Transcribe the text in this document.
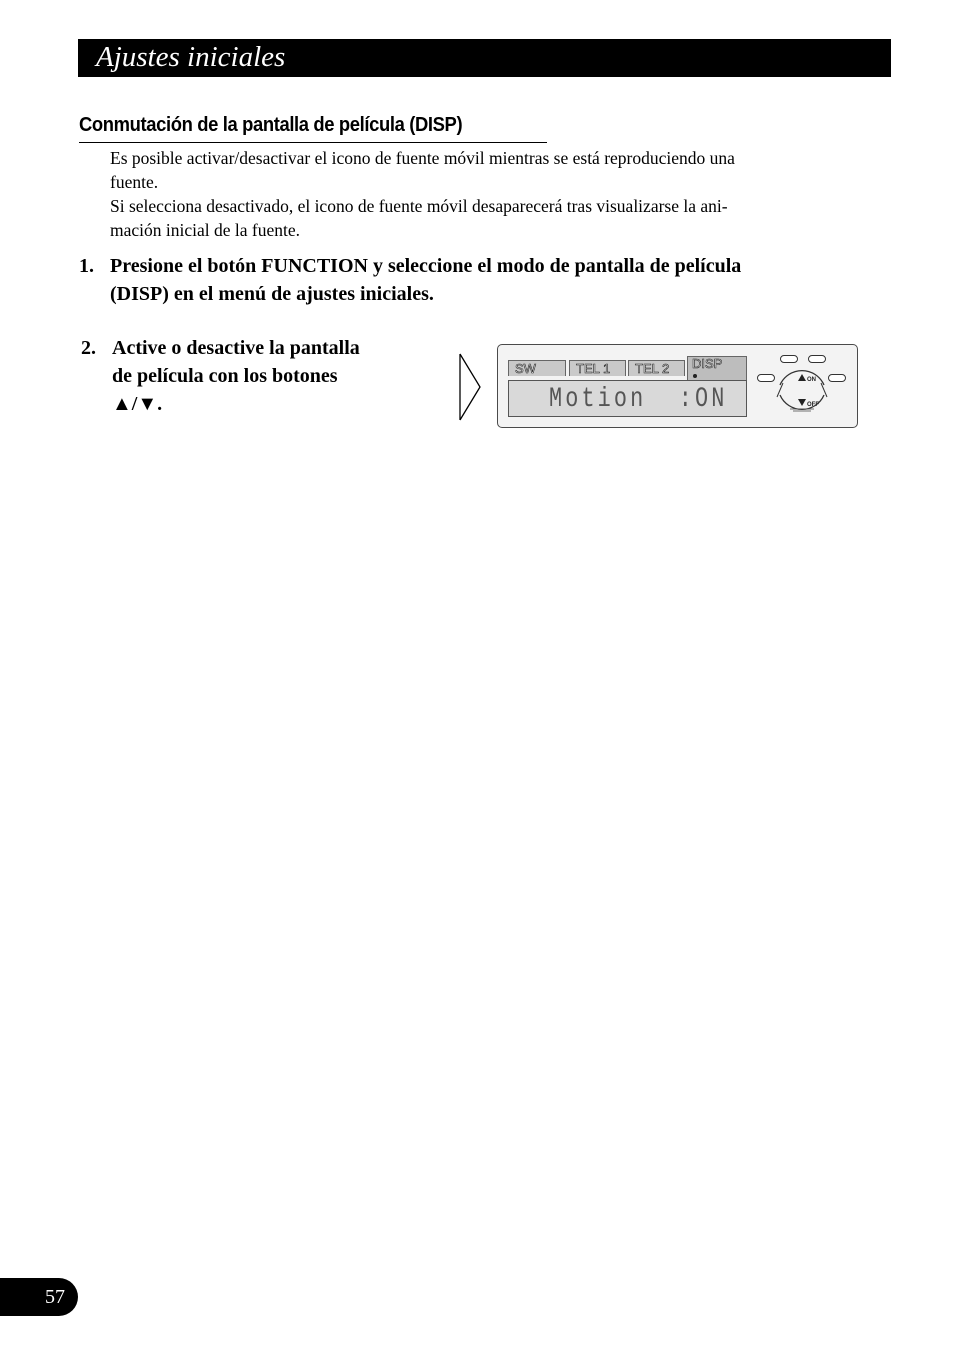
Ajustes iniciales
Conmutación de la pantalla de película (DISP)
Es posible activar/desactivar el icono de fuente móvil mientras se está reproduciendo una
fuente.
Si selecciona desactivado, el icono de fuente móvil desaparecerá tras visualizarse la ani-
mación inicial de la fuente.
1. Presione el botón FUNCTION y seleccione el modo de pantalla de película
(DISP) en el menú de ajustes iniciales.
2. Active o desactive la pantalla
de película con los botones
▲/▼.
SW	TEL 1	TEL 2	DISP
Motion  :ON
ON
OFF
57
